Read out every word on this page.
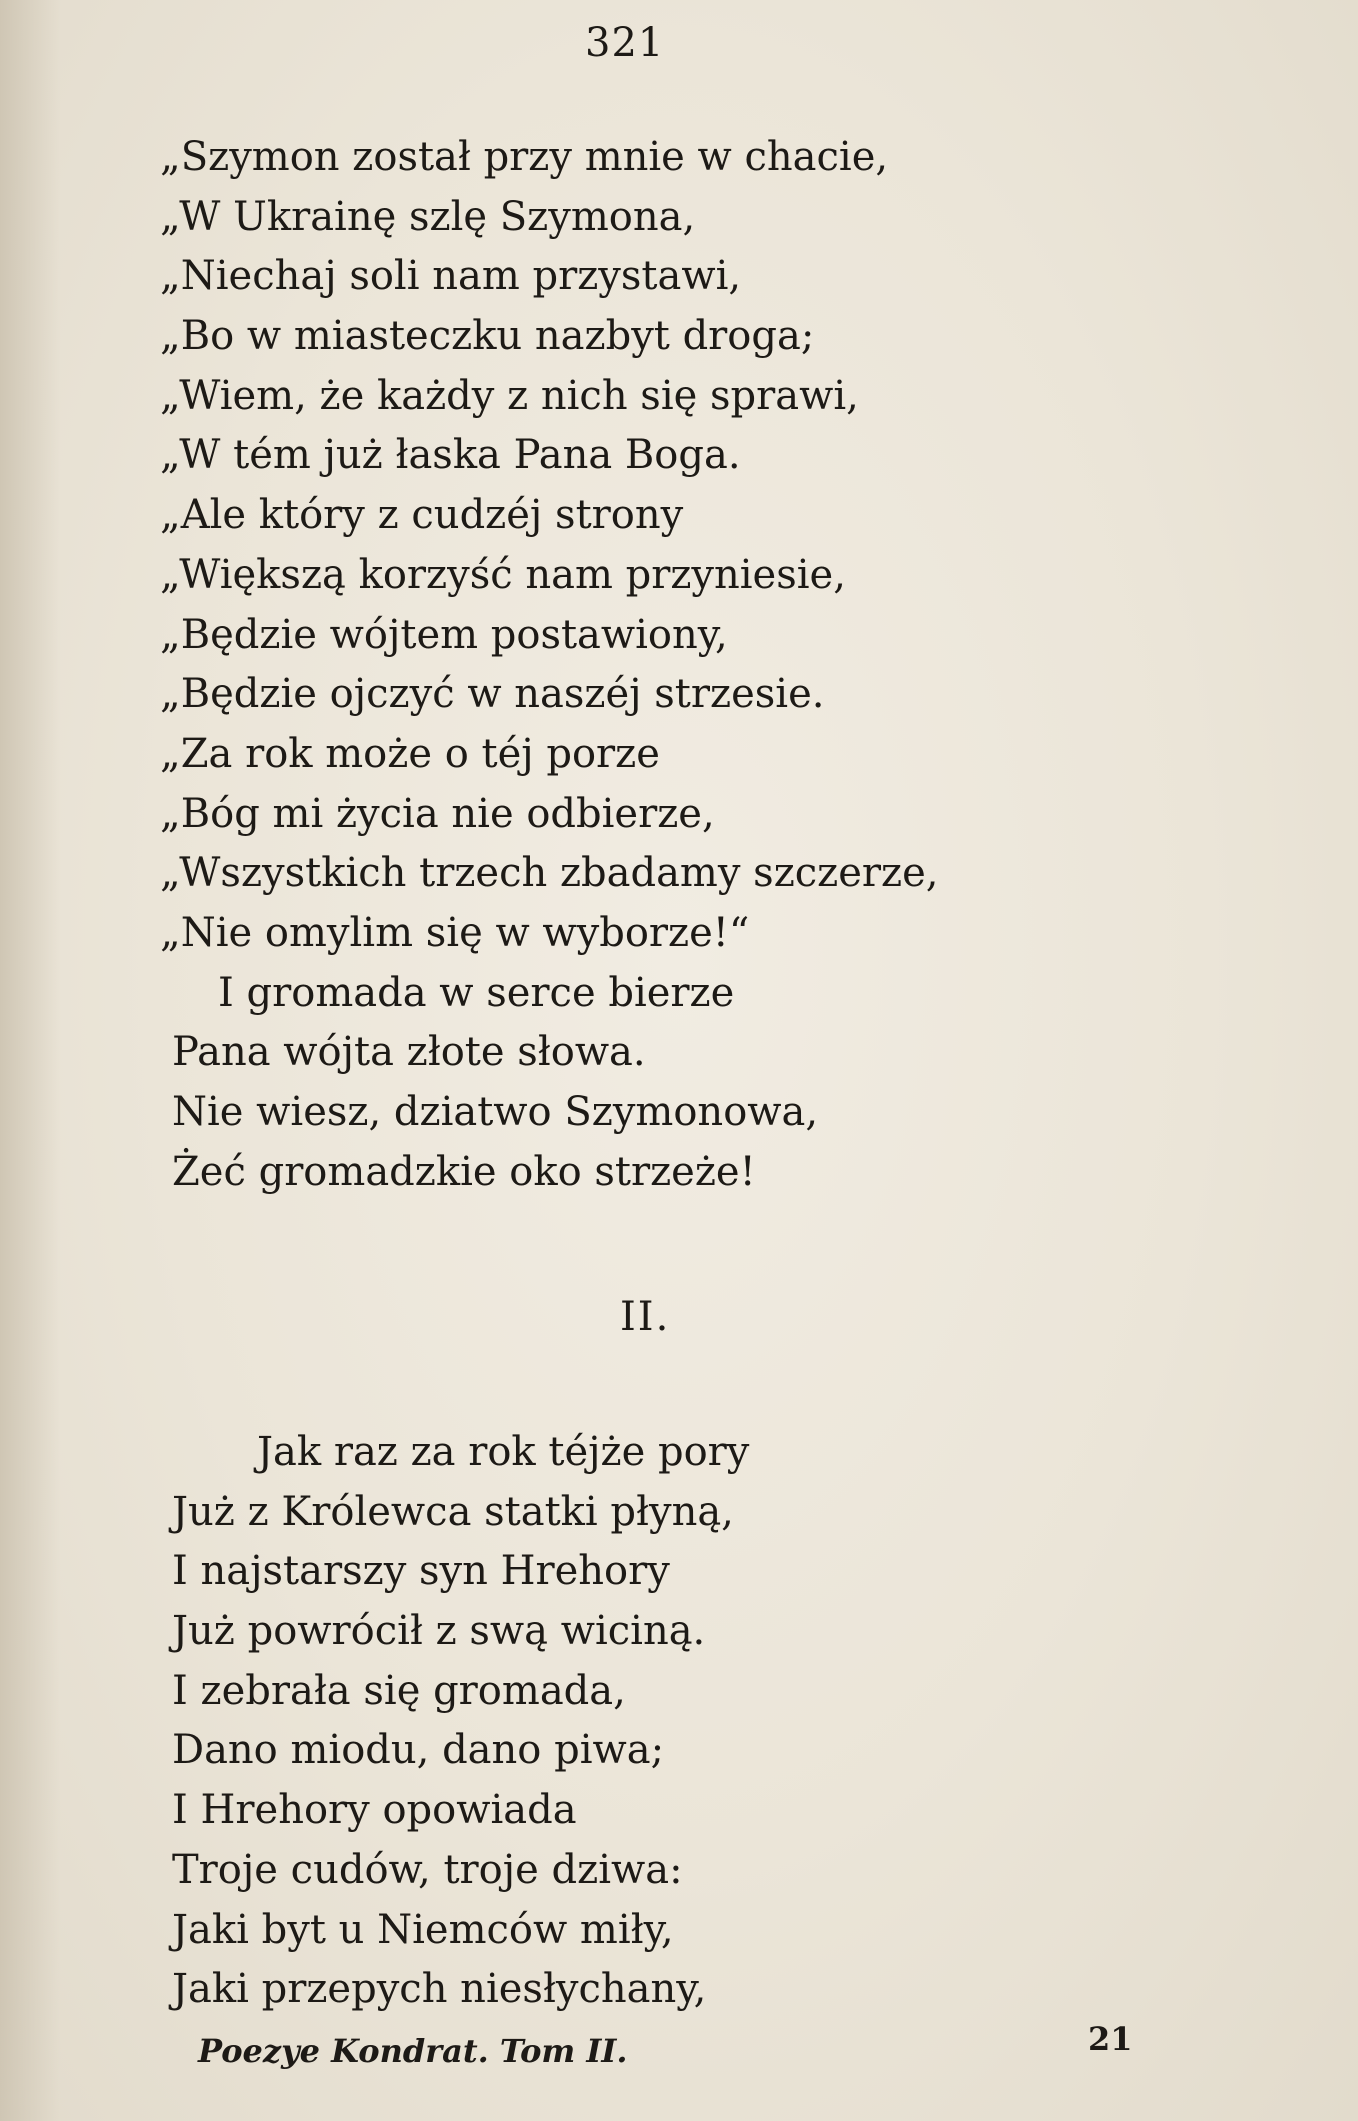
321
„Szymon został przy mnie w chacie,
„W Ukrainę szlę Szymona,
„Niechaj soli nam przystawi,
„Bo w miasteczku nazbyt droga;
„Wiem, że każdy z nich się sprawi,
„W tém już łaska Pana Boga.
„Ale który z cudzéj strony
„Większą korzyść nam przyniesie,
„Będzie wójtem postawiony,
„Będzie ojczyć w naszéj strzesie.
„Za rok może o téj porze
„Bóg mi życia nie odbierze,
„Wszystkich trzech zbadamy szczerze,
„Nie omylim się w wyborze!“
I gromada w serce bierze
Pana wójta złote słowa.
Nie wiesz, dziatwo Szymonowa,
Żeć gromadzkie oko strzeże!
II.
Jak raz za rok téjże pory
Już z Królewca statki płyną,
I najstarszy syn Hrehory
Już powrócił z swą wiciną.
I zebrała się gromada,
Dano miodu, dano piwa;
I Hrehory opowiada
Troje cudów, troje dziwa:
Jaki byt u Niemców miły,
Jaki przepych niesłychany,
Poezye Kondrat. Tom II.	21
